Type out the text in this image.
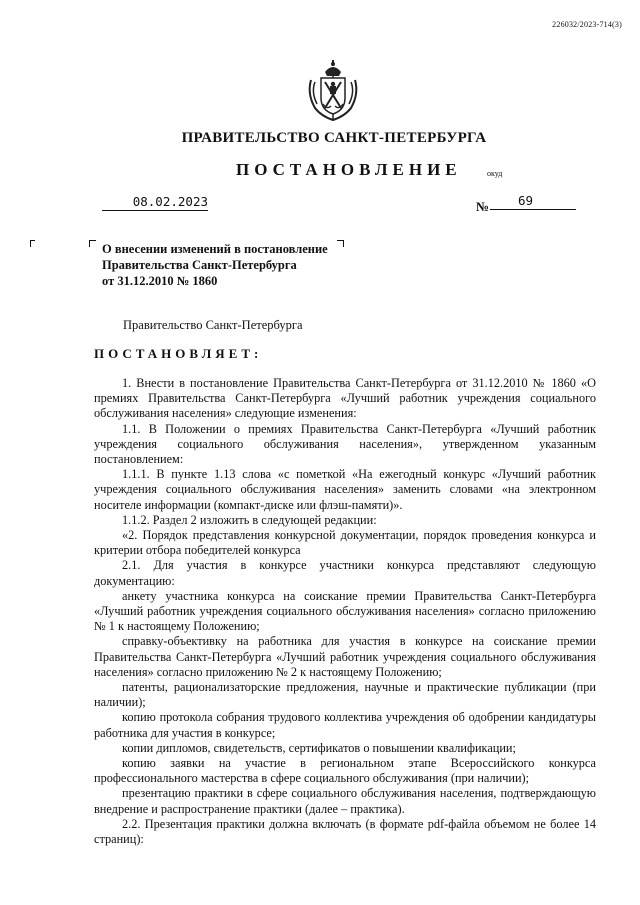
226032/2023-714(3)
ПРАВИТЕЛЬСТВО САНКТ-ПЕТЕРБУРГА
ПОСТАНОВЛЕНИЕ	окуд
08.02.2023	№	69
О внесении изменений в постановление
Правительства Санкт-Петербурга
от 31.12.2010 № 1860
Правительство Санкт-Петербурга
ПОСТАНОВЛЯЕТ:

1. Внести в постановление Правительства Санкт-Петербурга от 31.12.2010 № 1860 «О премиях Правительства Санкт-Петербурга «Лучший работник учреждения социального обслуживания населения» следующие изменения:

1.1. В Положении о премиях Правительства Санкт-Петербурга «Лучший работник учреждения социального обслуживания населения», утвержденном указанным постановлением:

1.1.1. В пункте 1.13 слова «с пометкой «На ежегодный конкурс «Лучший работник учреждения социального обслуживания населения» заменить словами «на электронном носителе информации (компакт-диске или флэш-памяти)».

1.1.2. Раздел 2 изложить в следующей редакции:

«2. Порядок представления конкурсной документации, порядок проведения конкурса и критерии отбора победителей конкурса

2.1. Для участия в конкурсе участники конкурса представляют следующую документацию:

анкету участника конкурса на соискание премии Правительства Санкт-Петербурга «Лучший работник учреждения социального обслуживания населения» согласно приложению № 1 к настоящему Положению;

справку-объективку на работника для участия в конкурсе на соискание премии Правительства Санкт-Петербурга «Лучший работник учреждения социального обслуживания населения» согласно приложению № 2 к настоящему Положению;

патенты, рационализаторские предложения, научные и практические публикации (при наличии);

копию протокола собрания трудового коллектива учреждения об одобрении кандидатуры работника для участия в конкурсе;

копии дипломов, свидетельств, сертификатов о повышении квалификации;

копию заявки на участие в региональном этапе Всероссийского конкурса профессионального мастерства в сфере социального обслуживания (при наличии);

презентацию практики в сфере социального обслуживания населения, подтверждающую внедрение и распространение практики (далее – практика).

2.2. Презентация практики должна включать (в формате pdf-файла объемом не более 14 страниц):
